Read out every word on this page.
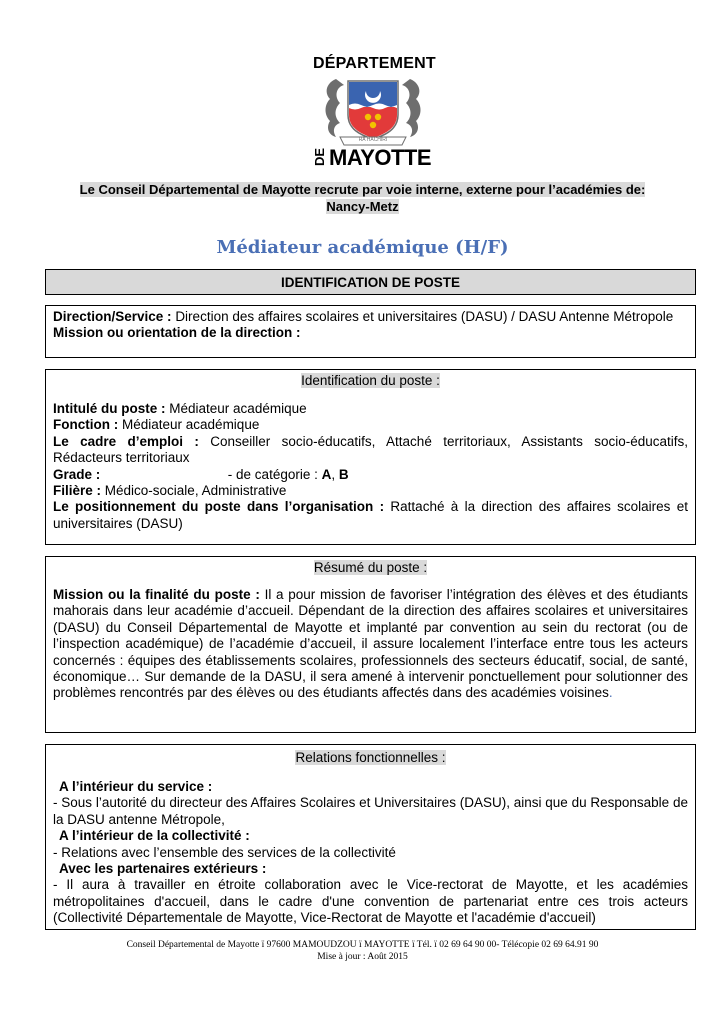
DÉPARTEMENT
RA HACHIRI
DE MAYOTTE
Le Conseil Départemental de Mayotte recrute par voie interne, externe pour l’académies de:
Nancy-Metz
Médiateur académique (H/F)
IDENTIFICATION DE POSTE
Direction/Service : Direction des affaires scolaires et universitaires (DASU) / DASU Antenne Métropole
Mission ou orientation de la direction :
Identification du poste :
Intitulé du poste : Médiateur académique
Fonction : Médiateur académique
Le cadre d’emploi : Conseiller socio-éducatifs, Attaché territoriaux, Assistants socio-éducatifs, Rédacteurs territoriaux
Grade :	- de catégorie : A, B
Filière : Médico-sociale, Administrative
Le positionnement du poste dans l’organisation : Rattaché à la direction des affaires scolaires et universitaires (DASU)
Résumé du poste :
Mission ou la finalité du poste : Il a pour mission de favoriser l’intégration des élèves et des étudiants mahorais dans leur académie d’accueil. Dépendant de la direction des affaires scolaires et universitaires (DASU) du Conseil Départemental de Mayotte et implanté par convention au sein du rectorat (ou de l’inspection académique) de l’académie d’accueil, il assure localement l’interface entre tous les acteurs concernés : équipes des établissements scolaires, professionnels des secteurs éducatif, social, de santé, économique… Sur demande de la DASU, il sera amené à intervenir ponctuellement pour solutionner des problèmes rencontrés par des élèves ou des étudiants affectés dans des académies voisines.
Relations fonctionnelles :
A l’intérieur du service :
- Sous l’autorité du directeur des Affaires Scolaires et Universitaires (DASU), ainsi que du Responsable de la DASU antenne Métropole,
A l’intérieur de la collectivité :
- Relations avec l’ensemble des services de la collectivité
Avec les partenaires extérieurs :
- Il aura à travailler en étroite collaboration avec le Vice-rectorat de Mayotte, et les académies métropolitaines d'accueil, dans le cadre d'une convention de partenariat entre ces trois acteurs (Collectivité Départementale de Mayotte, Vice-Rectorat de Mayotte et l'académie d'accueil)
Conseil Départemental de Mayotte ï 97600 MAMOUDZOU ï MAYOTTE ï Tél. ï 02 69 64 90 00- Télécopie 02 69 64.91 90
Mise à jour : Août 2015
